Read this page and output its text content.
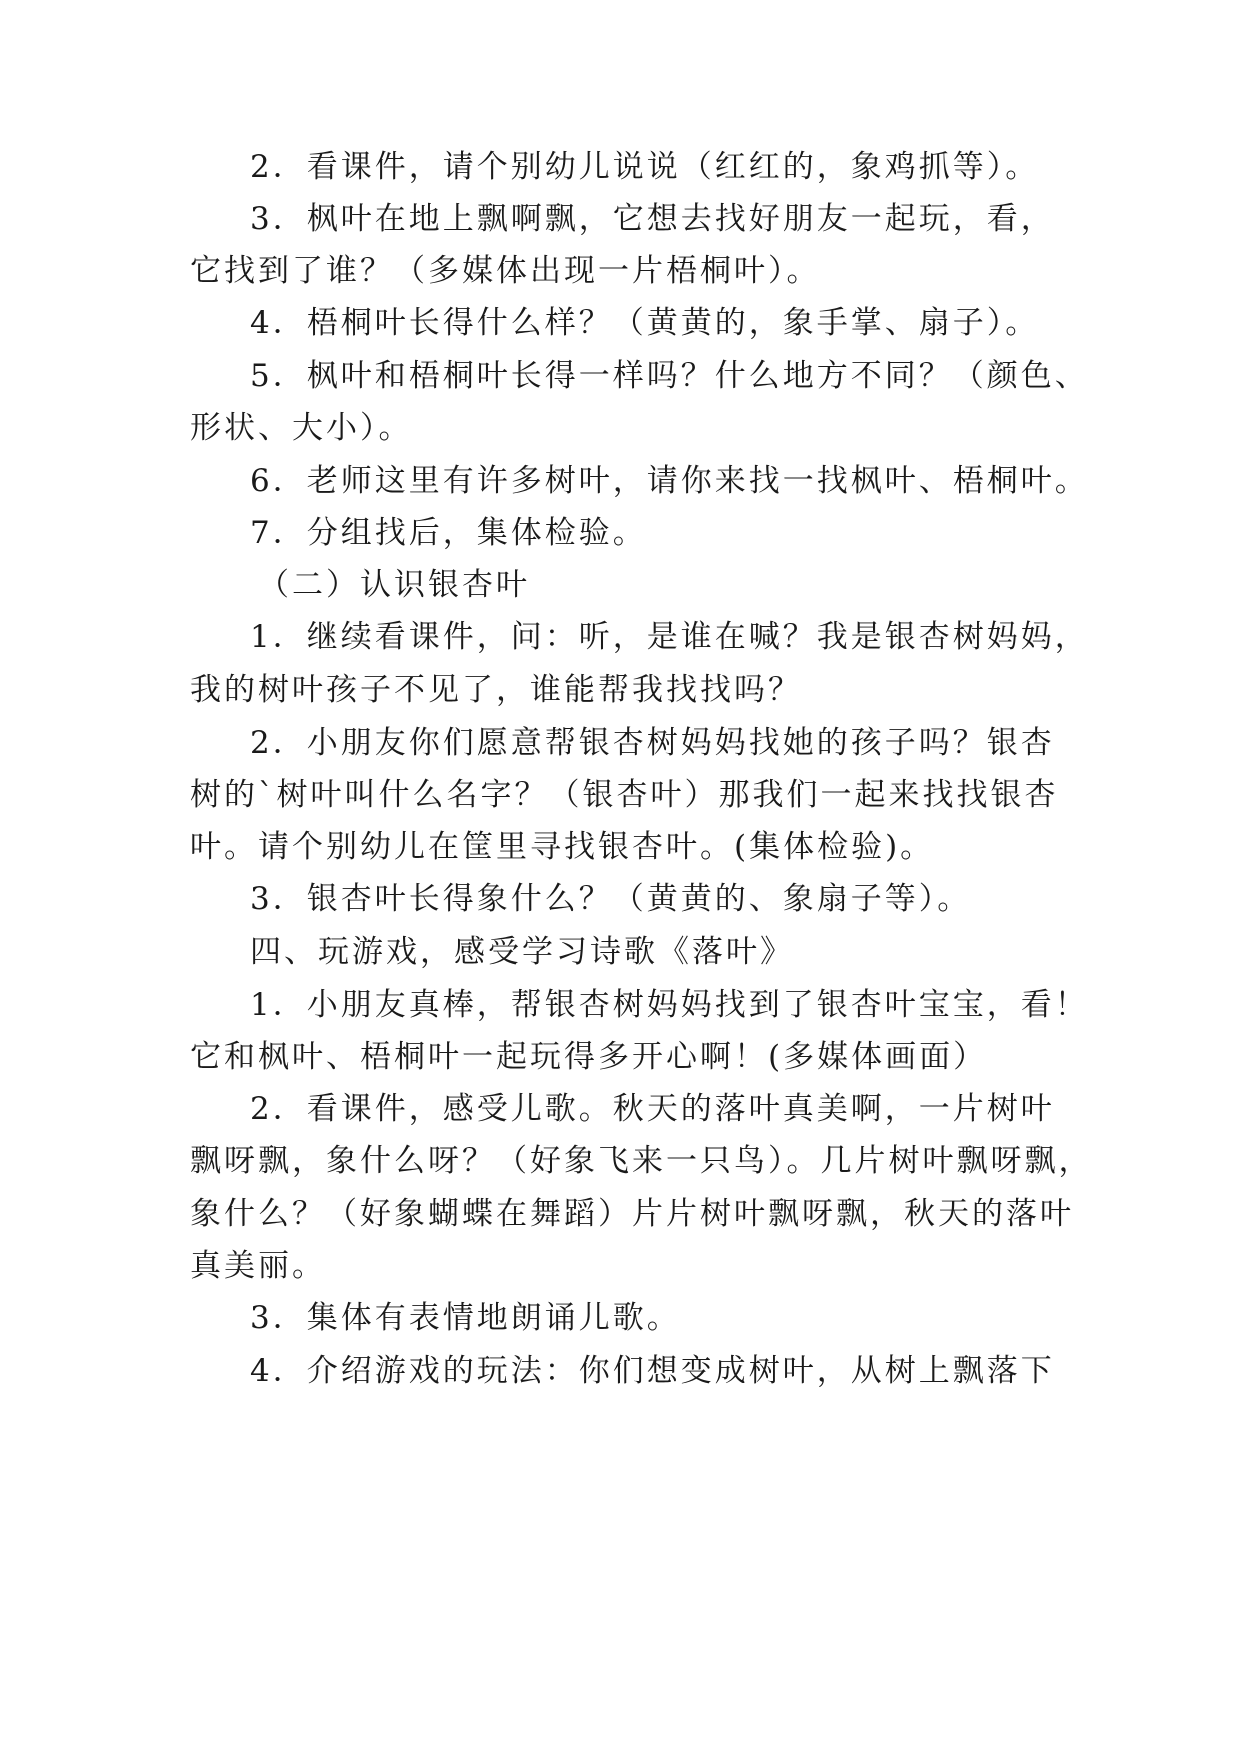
2．看课件，请个别幼儿说说（红红的，象鸡抓等）。
3．枫叶在地上飘啊飘，它想去找好朋友一起玩，看，
它找到了谁？（多媒体出现一片梧桐叶）。
4．梧桐叶长得什么样？（黄黄的，象手掌、扇子）。
5．枫叶和梧桐叶长得一样吗？什么地方不同？（颜色、
形状、大小）。
6．老师这里有许多树叶，请你来找一找枫叶、梧桐叶。
7．分组找后，集体检验。
（二）认识银杏叶
1．继续看课件，问：听，是谁在喊？我是银杏树妈妈，
我的树叶孩子不见了，谁能帮我找找吗？
2．小朋友你们愿意帮银杏树妈妈找她的孩子吗？银杏
树的`树叶叫什么名字？（银杏叶）那我们一起来找找银杏
叶。请个别幼儿在筐里寻找银杏叶。(集体检验)。
3．银杏叶长得象什么？（黄黄的、象扇子等）。
四、玩游戏，感受学习诗歌《落叶》
1．小朋友真棒，帮银杏树妈妈找到了银杏叶宝宝，看！
它和枫叶、梧桐叶一起玩得多开心啊！(多媒体画面）
2．看课件，感受儿歌。秋天的落叶真美啊，一片树叶
飘呀飘，象什么呀？（好象飞来一只鸟）。几片树叶飘呀飘，
象什么？（好象蝴蝶在舞蹈）片片树叶飘呀飘，秋天的落叶
真美丽。
3．集体有表情地朗诵儿歌。
4．介绍游戏的玩法：你们想变成树叶，从树上飘落下
